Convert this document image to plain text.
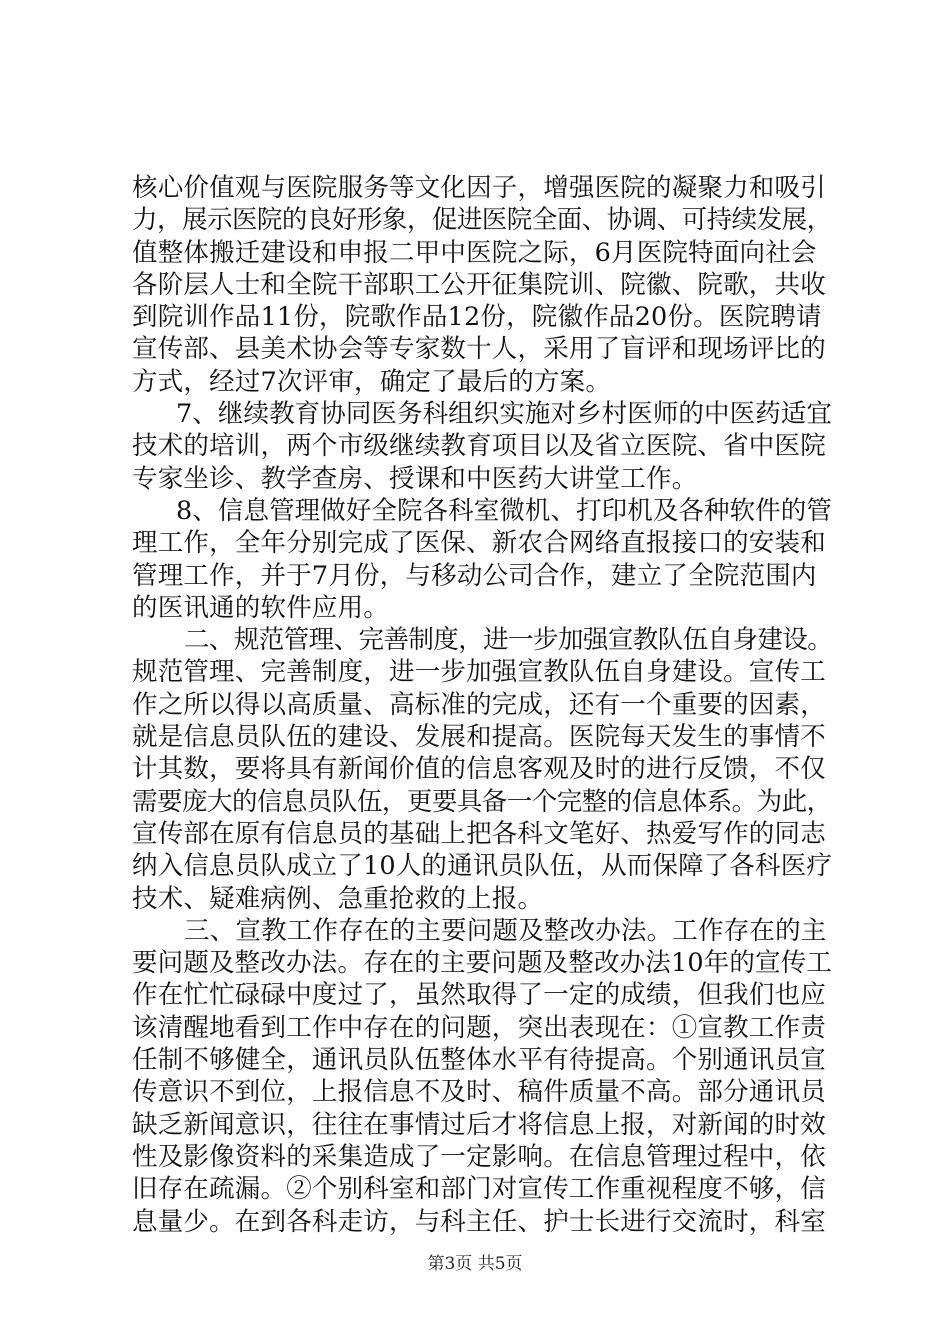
核心价值观与医院服务等文化因子，增强医院的凝聚力和吸引
力，展示医院的良好形象，促进医院全面、协调、可持续发展，
值整体搬迁建设和申报二甲中医院之际，6月医院特面向社会
各阶层人士和全院干部职工公开征集院训、院徽、院歌，共收
到院训作品11份，院歌作品12份，院徽作品20份。医院聘请
宣传部、县美术协会等专家数十人，采用了盲评和现场评比的
方式，经过7次评审，确定了最后的方案。
7、继续教育协同医务科组织实施对乡村医师的中医药适宜
技术的培训，两个市级继续教育项目以及省立医院、省中医院
专家坐诊、教学查房、授课和中医药大讲堂工作。
8、信息管理做好全院各科室微机、打印机及各种软件的管
理工作，全年分别完成了医保、新农合网络直报接口的安装和
管理工作，并于7月份，与移动公司合作，建立了全院范围内
的医讯通的软件应用。
二、规范管理、完善制度，进一步加强宣教队伍自身建设。
规范管理、完善制度，进一步加强宣教队伍自身建设。宣传工
作之所以得以高质量、高标准的完成，还有一个重要的因素，
就是信息员队伍的建设、发展和提高。医院每天发生的事情不
计其数，要将具有新闻价值的信息客观及时的进行反馈，不仅
需要庞大的信息员队伍，更要具备一个完整的信息体系。为此，
宣传部在原有信息员的基础上把各科文笔好、热爱写作的同志
纳入信息员队成立了10人的通讯员队伍，从而保障了各科医疗
技术、疑难病例、急重抢救的上报。
三、宣教工作存在的主要问题及整改办法。工作存在的主
要问题及整改办法。存在的主要问题及整改办法10年的宣传工
作在忙忙碌碌中度过了，虽然取得了一定的成绩，但我们也应
该清醒地看到工作中存在的问题，突出表现在：①宣教工作责
任制不够健全，通讯员队伍整体水平有待提高。个别通讯员宣
传意识不到位，上报信息不及时、稿件质量不高。部分通讯员
缺乏新闻意识，往往在事情过后才将信息上报，对新闻的时效
性及影像资料的采集造成了一定影响。在信息管理过程中，依
旧存在疏漏。②个别科室和部门对宣传工作重视程度不够，信
息量少。在到各科走访，与科主任、护士长进行交流时，科室
第3页 共5页
